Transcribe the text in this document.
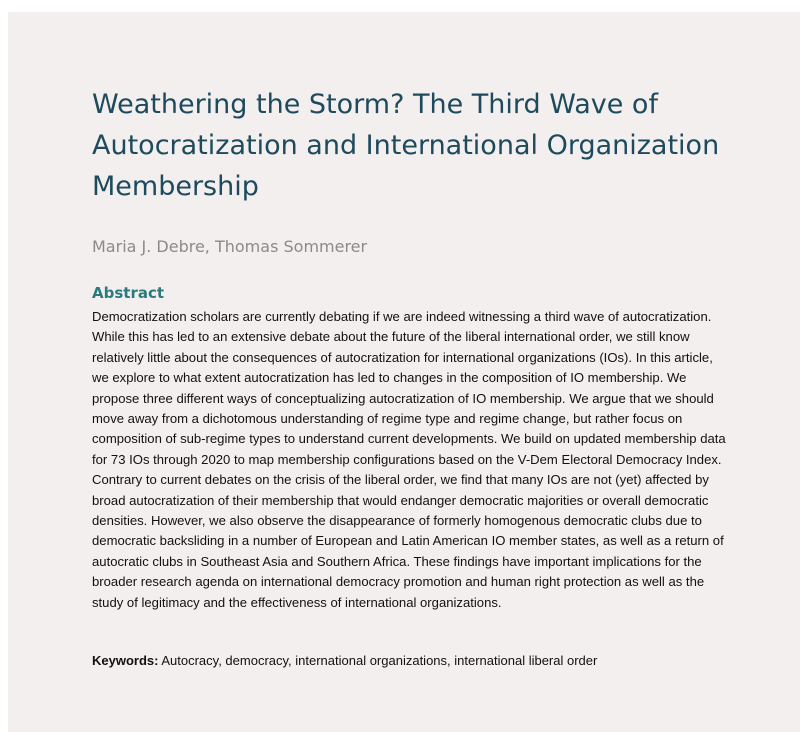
Weathering the Storm? The Third Wave of Autocratization and International Organization Membership

Maria J. Debre, Thomas Sommerer

Abstract

Democratization scholars are currently debating if we are indeed witnessing a third wave of autocratization. While this has led to an extensive debate about the future of the liberal international order, we still know relatively little about the consequences of autocratization for international organizations (IOs). In this article, we explore to what extent autocratization has led to changes in the composition of IO membership. We propose three different ways of conceptualizing autocratization of IO membership. We argue that we should move away from a dichotomous understanding of regime type and regime change, but rather focus on composition of sub-regime types to understand current developments. We build on updated membership data for 73 IOs through 2020 to map membership configurations based on the V-Dem Electoral Democracy Index. Contrary to current debates on the crisis of the liberal order, we find that many IOs are not (yet) affected by broad autocratization of their membership that would endanger democratic majorities or overall democratic densities. However, we also observe the disappearance of formerly homogenous democratic clubs due to democratic backsliding in a number of European and Latin American IO member states, as well as a return of autocratic clubs in Southeast Asia and Southern Africa. These findings have important implications for the broader research agenda on international democracy promotion and human right protection as well as the study of legitimacy and the effectiveness of international organizations.

Keywords: Autocracy, democracy, international organizations, international liberal order
